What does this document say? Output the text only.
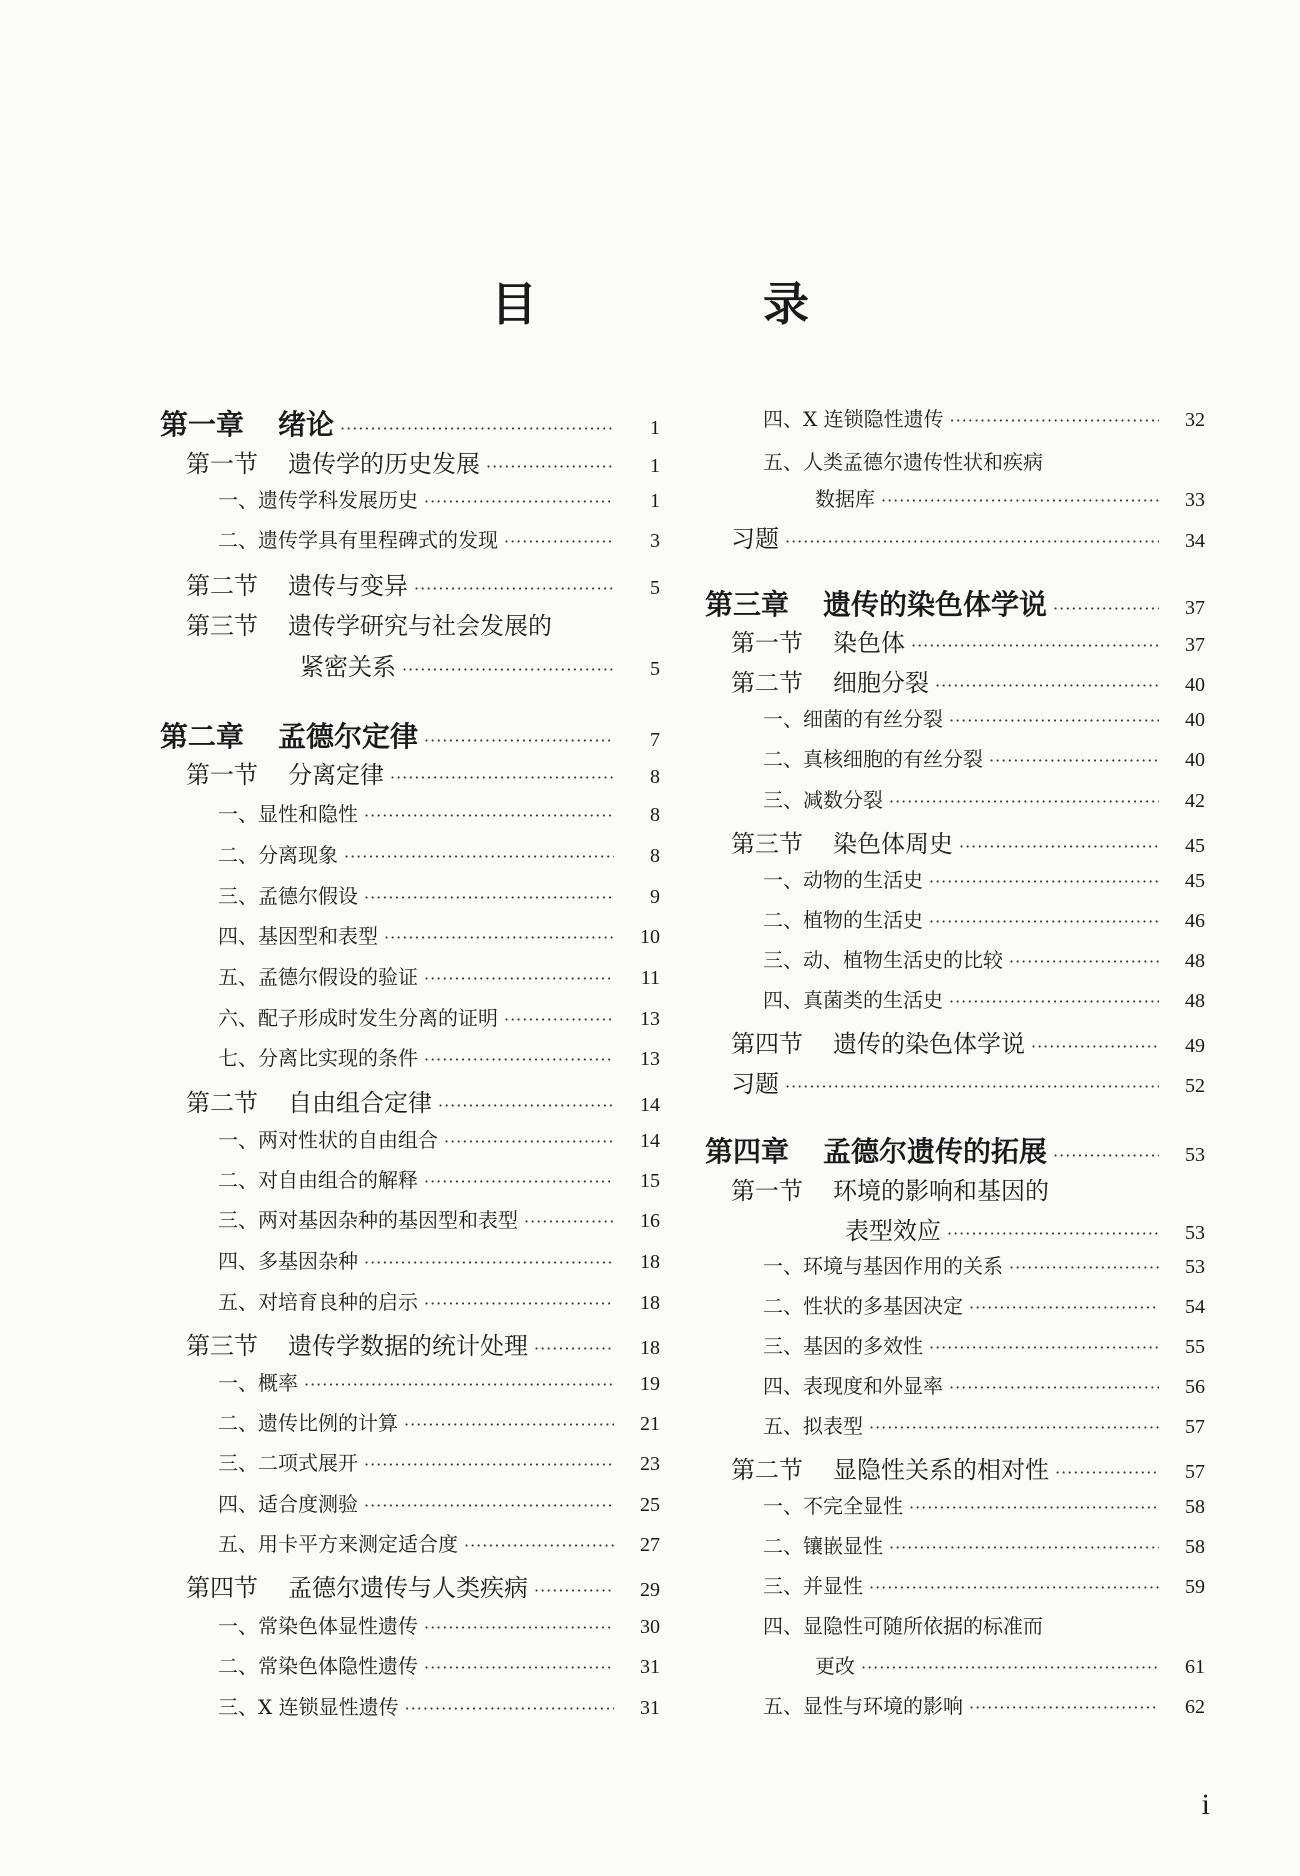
目　录
第一章 绪论 ·····	1
第一节 遗传学的历史发展 ·····	1
一、遗传学科发展历史 ·····	1
二、遗传学具有里程碑式的发现 ·····	3
第二节 遗传与变异 ·····	5
第三节 遗传学研究与社会发展的
紧密关系 ·····	5
第二章 孟德尔定律 ·····	7
第一节 分离定律 ·····	8
一、显性和隐性 ·····	8
二、分离现象 ·····	8
三、孟德尔假设 ·····	9
四、基因型和表型 ·····	10
五、孟德尔假设的验证 ·····	11
六、配子形成时发生分离的证明 ·····	13
七、分离比实现的条件 ·····	13
第二节 自由组合定律 ·····	14
一、两对性状的自由组合 ·····	14
二、对自由组合的解释 ·····	15
三、两对基因杂种的基因型和表型 ·····	16
四、多基因杂种 ·····	18
五、对培育良种的启示 ·····	18
第三节 遗传学数据的统计处理 ·····	18
一、概率 ·····	19
二、遗传比例的计算 ·····	21
三、二项式展开 ·····	23
四、适合度测验 ·····	25
五、用卡平方来测定适合度 ·····	27
第四节 孟德尔遗传与人类疾病 ·····	29
一、常染色体显性遗传 ·····	30
二、常染色体隐性遗传 ·····	31
三、X 连锁显性遗传 ·····	31
四、X 连锁隐性遗传 ·····	32
五、人类孟德尔遗传性状和疾病
数据库 ·····	33
习题 ·····	34
第三章 遗传的染色体学说 ·····	37
第一节 染色体 ·····	37
第二节 细胞分裂 ·····	40
一、细菌的有丝分裂 ·····	40
二、真核细胞的有丝分裂 ·····	40
三、减数分裂 ·····	42
第三节 染色体周史 ·····	45
一、动物的生活史 ·····	45
二、植物的生活史 ·····	46
三、动、植物生活史的比较 ·····	48
四、真菌类的生活史 ·····	48
第四节 遗传的染色体学说 ·····	49
习题 ·····	52
第四章 孟德尔遗传的拓展 ·····	53
第一节 环境的影响和基因的
表型效应 ·····	53
一、环境与基因作用的关系 ·····	53
二、性状的多基因决定 ·····	54
三、基因的多效性 ·····	55
四、表现度和外显率 ·····	56
五、拟表型 ·····	57
第二节 显隐性关系的相对性 ·····	57
一、不完全显性 ·····	58
二、镶嵌显性 ·····	58
三、并显性 ·····	59
四、显隐性可随所依据的标准而
更改 ·····	61
五、显性与环境的影响 ·····	62
i
